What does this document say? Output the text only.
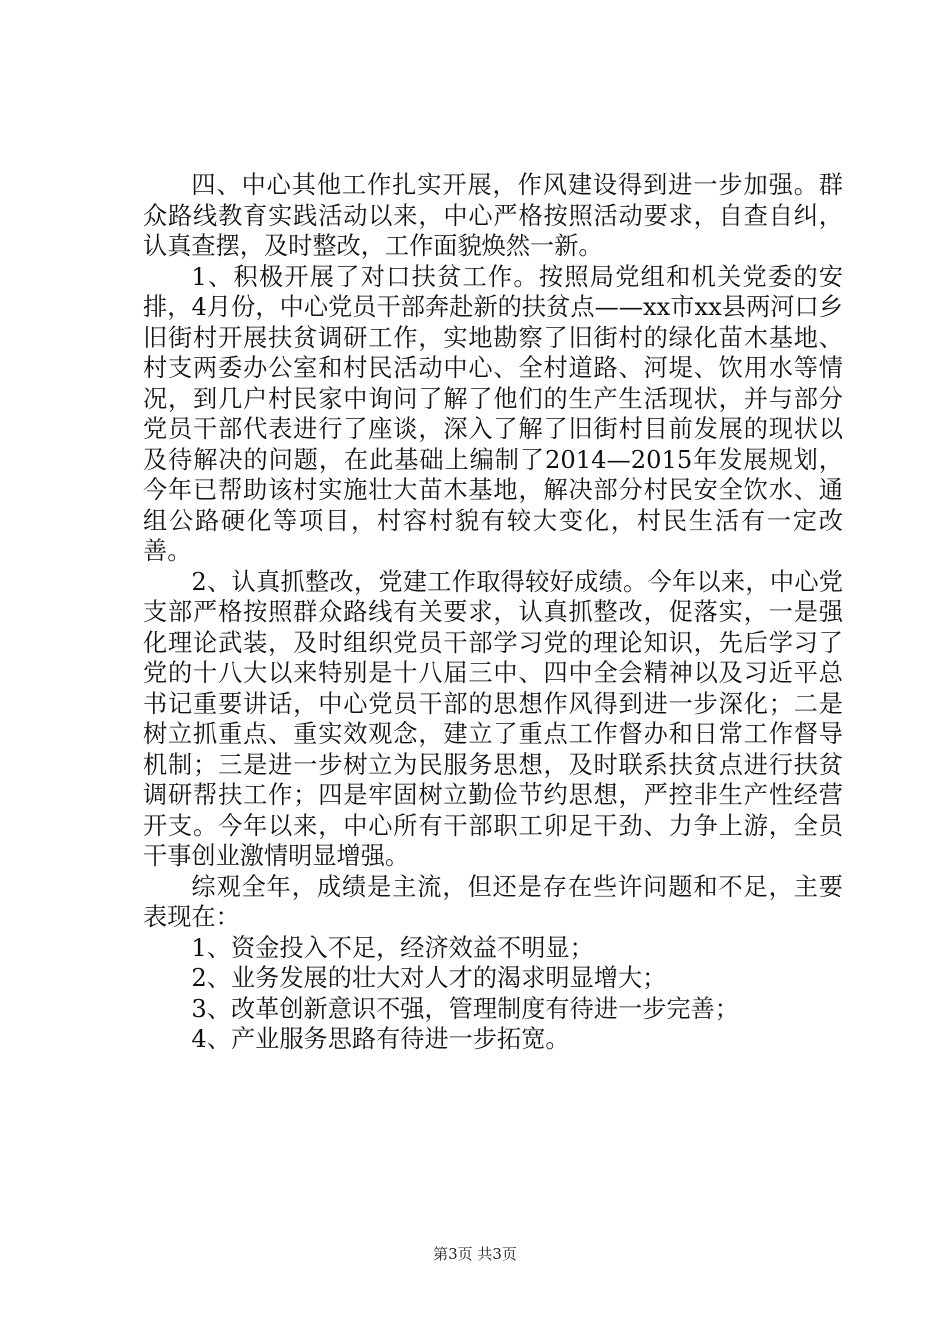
四、中心其他工作扎实开展，作风建设得到进一步加强。群众路线教育实践活动以来，中心严格按照活动要求，自查自纠，认真查摆，及时整改，工作面貌焕然一新。

1、积极开展了对口扶贫工作。按照局党组和机关党委的安排，4月份，中心党员干部奔赴新的扶贫点——xx市xx县两河口乡旧街村开展扶贫调研工作，实地勘察了旧街村的绿化苗木基地、村支两委办公室和村民活动中心、全村道路、河堤、饮用水等情况，到几户村民家中询问了解了他们的生产生活现状，并与部分党员干部代表进行了座谈，深入了解了旧街村目前发展的现状以及待解决的问题，在此基础上编制了2014—2015年发展规划，今年已帮助该村实施壮大苗木基地，解决部分村民安全饮水、通组公路硬化等项目，村容村貌有较大变化，村民生活有一定改善。

2、认真抓整改，党建工作取得较好成绩。今年以来，中心党支部严格按照群众路线有关要求，认真抓整改，促落实，一是强化理论武装，及时组织党员干部学习党的理论知识，先后学习了党的十八大以来特别是十八届三中、四中全会精神以及习近平总书记重要讲话，中心党员干部的思想作风得到进一步深化；二是树立抓重点、重实效观念，建立了重点工作督办和日常工作督导机制；三是进一步树立为民服务思想，及时联系扶贫点进行扶贫调研帮扶工作；四是牢固树立勤俭节约思想，严控非生产性经营开支。今年以来，中心所有干部职工卯足干劲、力争上游，全员干事创业激情明显增强。

综观全年，成绩是主流，但还是存在些许问题和不足，主要表现在：

1、资金投入不足，经济效益不明显；

2、业务发展的壮大对人才的渴求明显增大；

3、改革创新意识不强，管理制度有待进一步完善；

4、产业服务思路有待进一步拓宽。

第3页 共3页
